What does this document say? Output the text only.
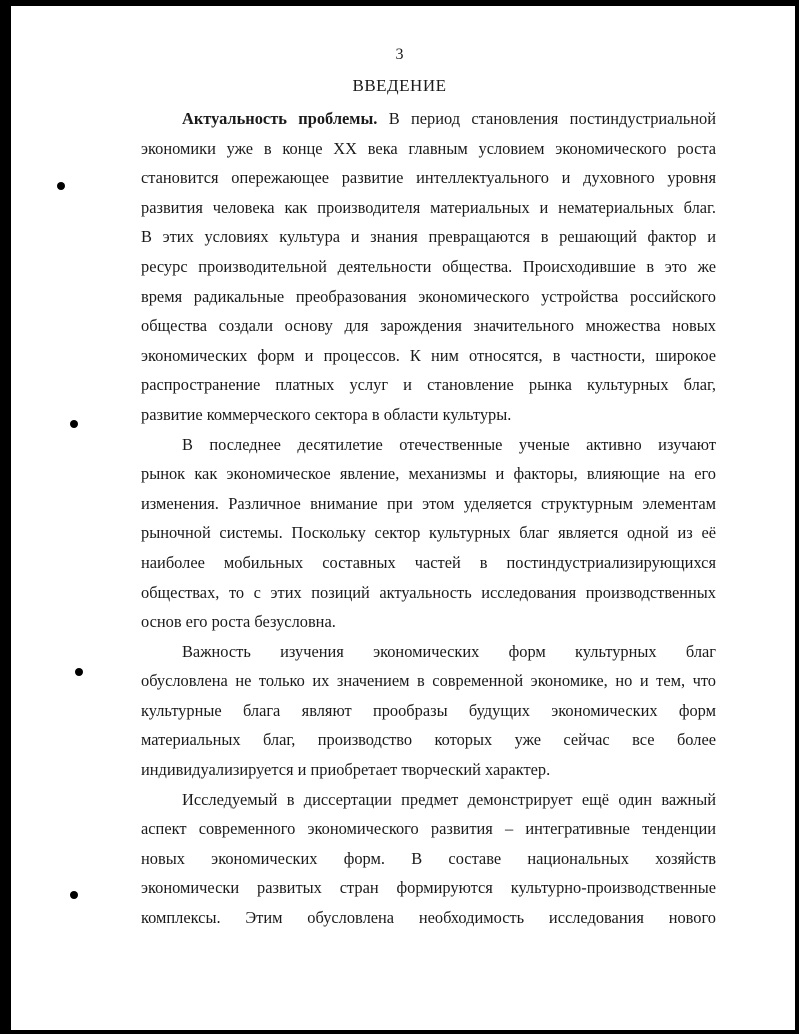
3
ВВЕДЕНИЕ
Актуальность проблемы. В период становления постиндустриальной
экономики уже в конце XX века главным условием экономического роста
становится опережающее развитие интеллектуального и духовного уровня
развития человека как производителя материальных и нематериальных благ.
В этих условиях культура и знания превращаются в решающий фактор и
ресурс производительной деятельности общества. Происходившие в это же
время радикальные преобразования экономического устройства российского
общества создали основу для зарождения значительного множества новых
экономических форм и процессов. К ним относятся, в частности, широкое
распространение платных услуг и становление рынка культурных благ,
развитие коммерческого сектора в области культуры.
В последнее десятилетие отечественные ученые активно изучают
рынок как экономическое явление, механизмы и факторы, влияющие на его
изменения. Различное внимание при этом уделяется структурным элементам
рыночной системы. Поскольку сектор культурных благ является одной из её
наиболее мобильных составных частей в постиндустриализирующихся
обществах, то с этих позиций актуальность исследования производственных
основ его роста безусловна.
Важность изучения экономических форм культурных благ
обусловлена не только их значением в современной экономике, но и тем, что
культурные блага являют прообразы будущих экономических форм
материальных благ, производство которых уже сейчас все более
индивидуализируется и приобретает творческий характер.
Исследуемый в диссертации предмет демонстрирует ещё один важный
аспект современного экономического развития – интегративные тенденции
новых экономических форм. В составе национальных хозяйств
экономически развитых стран формируются культурно-производственные
комплексы. Этим обусловлена необходимость исследования нового
